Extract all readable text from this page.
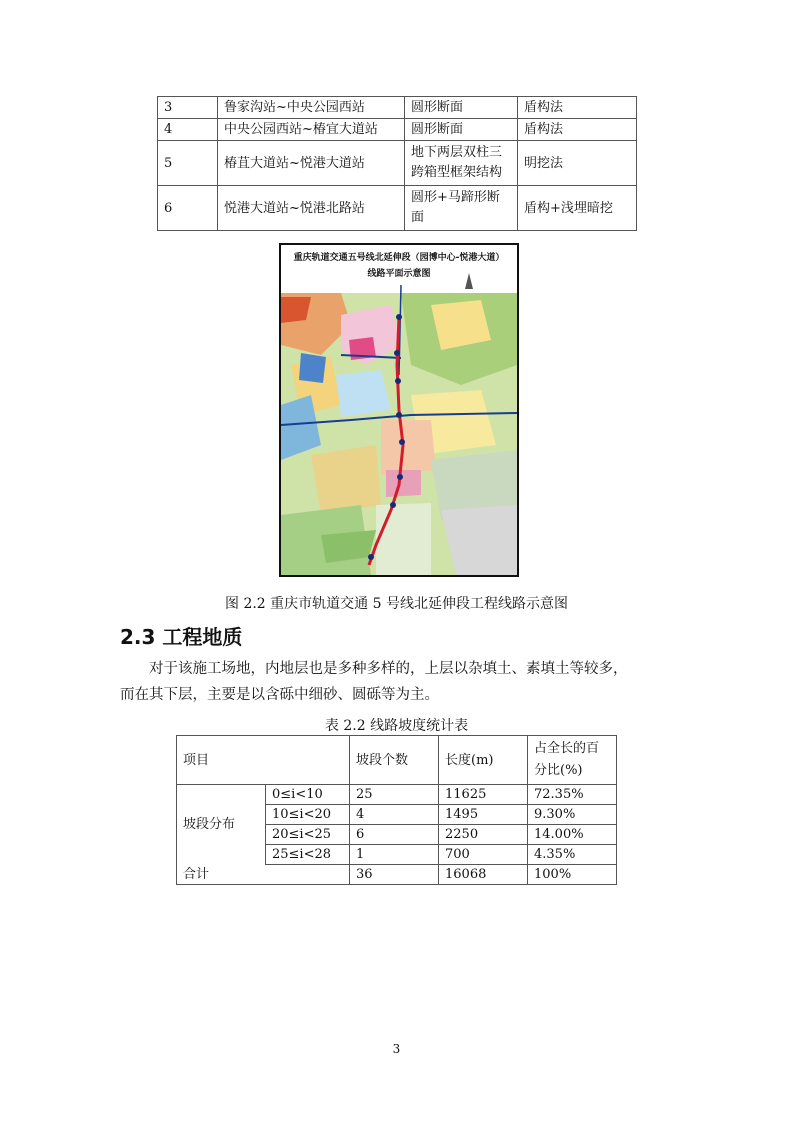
3	鲁家沟站~中央公园西站	圆形断面	盾构法
4	中央公园西站~椿宜大道站	圆形断面	盾构法
5	椿苴大道站~悦港大道站	地下两层双柱三跨箱型框架结构	明挖法
6	悦港大道站~悦港北路站	圆形+马蹄形断面	盾构+浅埋暗挖
重庆轨道交通五号线北延伸段（园博中心-悦港大道）
线路平面示意图
图 2.2 重庆市轨道交通 5 号线北延伸段工程线路示意图
2.3 工程地质
对于该施工场地，内地层也是多种多样的，上层以杂填土、素填土等较多，
而在其下层，主要是以含砾中细砂、圆砾等为主。
表 2.2 线路坡度统计表
项目		坡段个数	长度(m)	占全长的百分比(%)
坡段分布	0≤i<10	25	11625	72.35%
	10≤i<20	4	1495	9.30%
	20≤i<25	6	2250	14.00%
	25≤i<28	1	700	4.35%
合计		36	16068	100%
3
